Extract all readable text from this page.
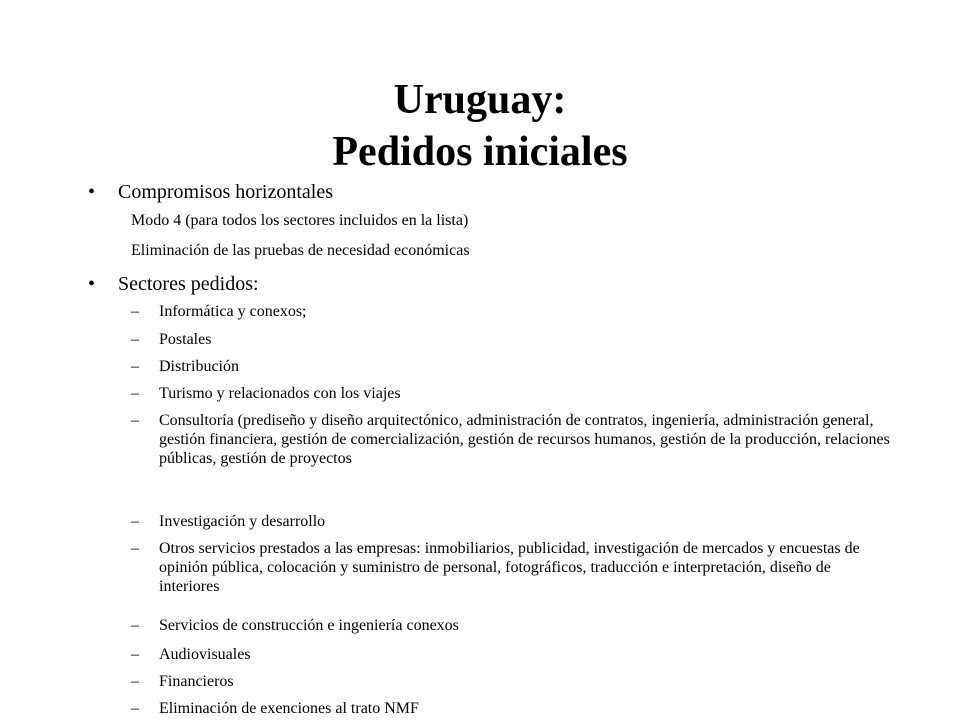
Uruguay:
Pedidos iniciales
•	Compromisos horizontales
Modo 4 (para todos los sectores incluidos en la lista)
Eliminación de las pruebas de necesidad económicas
•	Sectores pedidos:
–	Informática y conexos;
–	Postales
–	Distribución
–	Turismo y relacionados con los viajes
–	Consultoría (prediseño y diseño arquitectónico, administración de contratos, ingeniería, administración general, gestión financiera, gestión de comercialización, gestión de recursos humanos, gestión de la producción, relaciones públicas, gestión de proyectos
–	Investigación y desarrollo
–	Otros servicios prestados a las empresas: inmobiliarios, publicidad, investigación de mercados y encuestas de opinión pública, colocación y suministro de personal, fotográficos, traducción e interpretación, diseño de interiores
–	Servicios de construcción e ingeniería conexos
–	Audiovisuales
–	Financieros
–	Eliminación de exenciones al trato NMF
